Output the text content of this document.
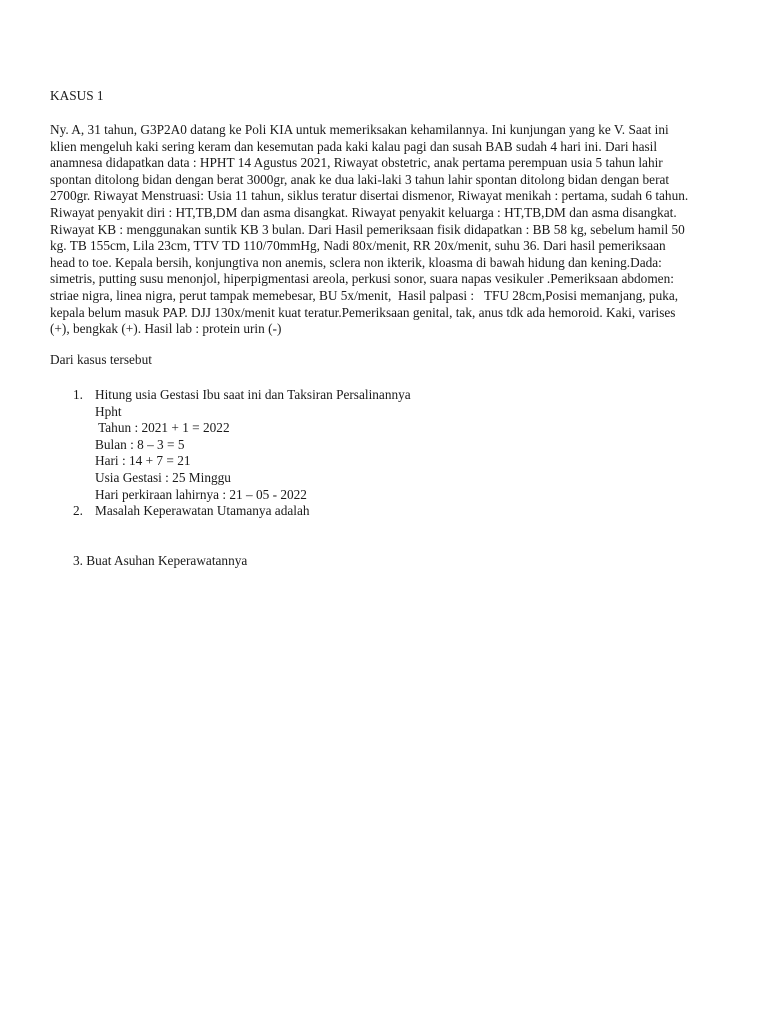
KASUS 1
Ny. A, 31 tahun, G3P2A0 datang ke Poli KIA untuk memeriksakan kehamilannya. Ini kunjungan yang ke V. Saat ini
klien mengeluh kaki sering keram dan kesemutan pada kaki kalau pagi dan susah BAB sudah 4 hari ini. Dari hasil
anamnesa didapatkan data : HPHT 14 Agustus 2021, Riwayat obstetric, anak pertama perempuan usia 5 tahun lahir
spontan ditolong bidan dengan berat 3000gr, anak ke dua laki-laki 3 tahun lahir spontan ditolong bidan dengan berat
2700gr. Riwayat Menstruasi: Usia 11 tahun, siklus teratur disertai dismenor, Riwayat menikah : pertama, sudah 6 tahun.
Riwayat penyakit diri : HT,TB,DM dan asma disangkat. Riwayat penyakit keluarga : HT,TB,DM dan asma disangkat.
Riwayat KB : menggunakan suntik KB 3 bulan. Dari Hasil pemeriksaan fisik didapatkan : BB 58 kg, sebelum hamil 50
kg. TB 155cm, Lila 23cm, TTV TD 110/70mmHg, Nadi 80x/menit, RR 20x/menit, suhu 36. Dari hasil pemeriksaan
head to toe. Kepala bersih, konjungtiva non anemis, sclera non ikterik, kloasma di bawah hidung dan kening.Dada:
simetris, putting susu menonjol, hiperpigmentasi areola, perkusi sonor, suara napas vesikuler .Pemeriksaan abdomen:
striae nigra, linea nigra, perut tampak memebesar, BU 5x/menit,  Hasil palpasi :   TFU 28cm,Posisi memanjang, puka,
kepala belum masuk PAP. DJJ 130x/menit kuat teratur.Pemeriksaan genital, tak, anus tdk ada hemoroid. Kaki, varises
(+), bengkak (+). Hasil lab : protein urin (-)
Dari kasus tersebut

1.

Hitung usia Gestasi Ibu saat ini dan Taksiran Persalinannya

Hpht
Tahun : 2021 + 1 = 2022
Bulan : 8 – 3 = 5
Hari : 14 + 7 = 21
Usia Gestasi : 25 Minggu
Hari perkiraan lahirnya : 21 – 05 - 2022

2.

Masalah Keperawatan Utamanya adalah

3. Buat Asuhan Keperawatannya
